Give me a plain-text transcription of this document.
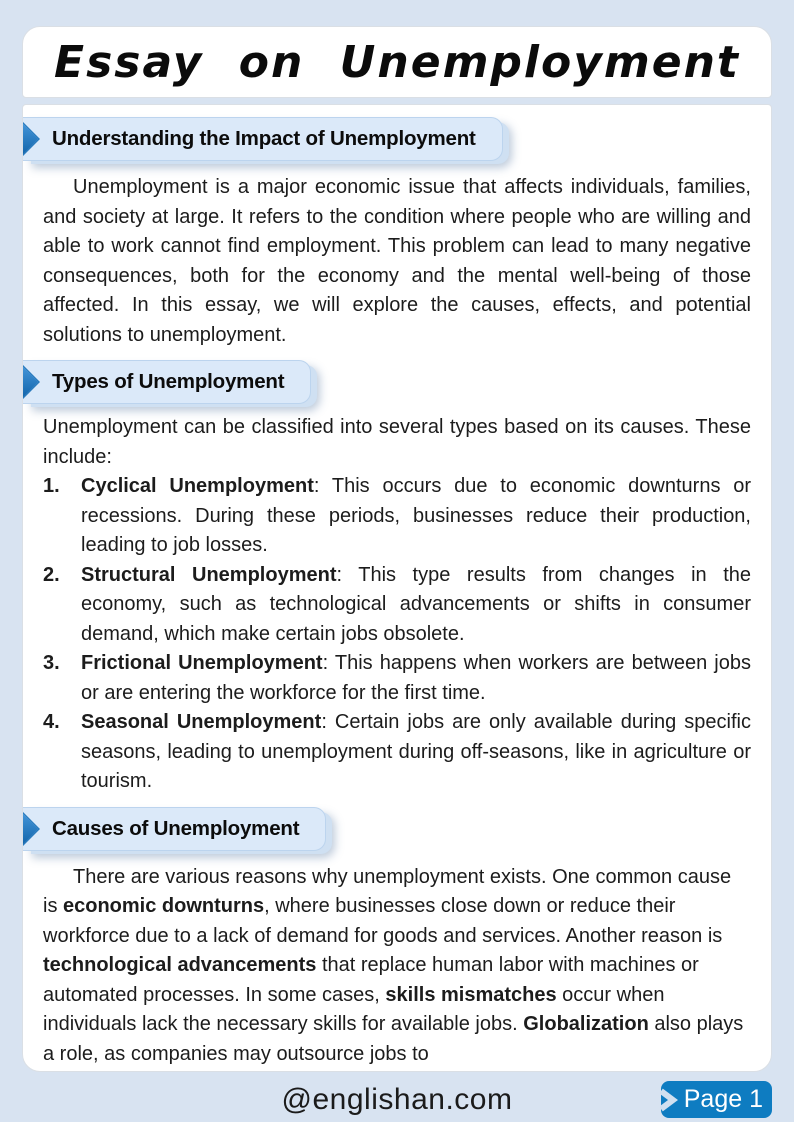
Essay on Unemployment
Understanding the Impact of Unemployment

Unemployment is a major economic issue that affects individuals, families, and society at large. It refers to the condition where people who are willing and able to work cannot find employment. This problem can lead to many negative consequences, both for the economy and the mental well-being of those affected. In this essay, we will explore the causes, effects, and potential solutions to unemployment.

Types of Unemployment

Unemployment can be classified into several types based on its causes. These include:

1.	Cyclical Unemployment: This occurs due to economic downturns or recessions. During these periods, businesses reduce their production, leading to job losses.
2.	Structural Unemployment: This type results from changes in the economy, such as technological advancements or shifts in consumer demand, which make certain jobs obsolete.
3.	Frictional Unemployment: This happens when workers are between jobs or are entering the workforce for the first time.
4.	Seasonal Unemployment: Certain jobs are only available during specific seasons, leading to unemployment during off-seasons, like in agriculture or tourism.
Causes of Unemployment

There are various reasons why unemployment exists. One common cause is economic downturns, where businesses close down or reduce their workforce due to a lack of demand for goods and services. Another reason is technological advancements that replace human labor with machines or automated processes. In some cases, skills mismatches occur when individuals lack the necessary skills for available jobs. Globalization also plays a role, as companies may outsource jobs to

@englishan.com	Page 1
